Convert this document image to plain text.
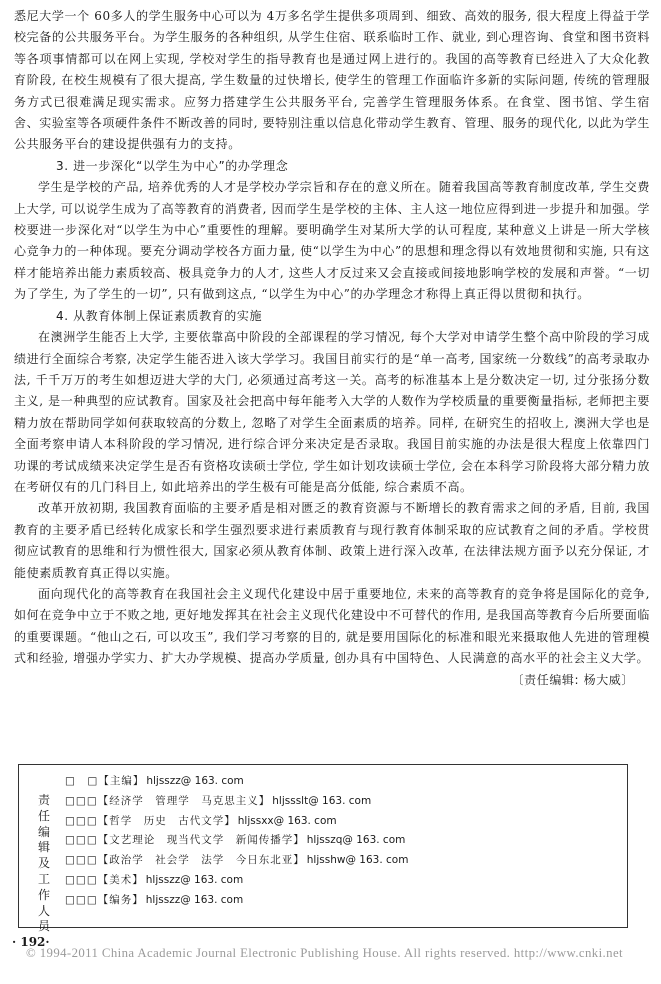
悉尼大学一个 60多人的学生服务中心可以为 4万多名学生提供多项周到、细致、高效的服务, 很大程度上得益于学校完备的公共服务平台。为学生服务的各种组织, 从学生住宿、联系临时工作、就业, 到心理咨询、食堂和图书资料等各项事情都可以在网上实现, 学校对学生的指导教育也是通过网上进行的。我国的高等教育已经进入了大众化教育阶段, 在校生规模有了很大提高, 学生数量的过快增长, 使学生的管理工作面临许多新的实际问题, 传统的管理服务方式已很难满足现实需求。应努力搭建学生公共服务平台, 完善学生管理服务体系。在食堂、图书馆、学生宿舍、实验室等各项硬件条件不断改善的同时, 要特别注重以信息化带动学生教育、管理、服务的现代化, 以此为学生公共服务平台的建设提供强有力的支持。

3. 进一步深化“以学生为中心”的办学理念

学生是学校的产品, 培养优秀的人才是学校办学宗旨和存在的意义所在。随着我国高等教育制度改革, 学生交费上大学, 可以说学生成为了高等教育的消费者, 因而学生是学校的主体、主人这一地位应得到进一步提升和加强。学校要进一步深化对“以学生为中心”重要性的理解。要明确学生对某所大学的认可程度, 某种意义上讲是一所大学核心竞争力的一种体现。要充分调动学校各方面力量, 使“以学生为中心”的思想和理念得以有效地贯彻和实施, 只有这样才能培养出能力素质较高、极具竞争力的人才, 这些人才反过来又会直接或间接地影响学校的发展和声誉。“一切为了学生, 为了学生的一切”, 只有做到这点, “以学生为中心”的办学理念才称得上真正得以贯彻和执行。

4. 从教育体制上保证素质教育的实施

在澳洲学生能否上大学, 主要依靠高中阶段的全部课程的学习情况, 每个大学对申请学生整个高中阶段的学习成绩进行全面综合考察, 决定学生能否进入该大学学习。我国目前实行的是“单一高考, 国家统一分数线”的高考录取办法, 千千万万的考生如想迈进大学的大门, 必须通过高考这一关。高考的标准基本上是分数决定一切, 过分张扬分数主义, 是一种典型的应试教育。国家及社会把高中每年能考入大学的人数作为学校质量的重要衡量指标, 老师把主要精力放在帮助同学如何获取较高的分数上, 忽略了对学生全面素质的培养。同样, 在研究生的招收上, 澳洲大学也是全面考察申请人本科阶段的学习情况, 进行综合评分来决定是否录取。我国目前实施的办法是很大程度上依靠四门功课的考试成绩来决定学生是否有资格攻读硕士学位, 学生如计划攻读硕士学位, 会在本科学习阶段将大部分精力放在考研仅有的几门科目上, 如此培养出的学生极有可能是高分低能, 综合素质不高。

改革开放初期, 我国教育面临的主要矛盾是相对匮乏的教育资源与不断增长的教育需求之间的矛盾, 目前, 我国教育的主要矛盾已经转化成家长和学生强烈要求进行素质教育与现行教育体制采取的应试教育之间的矛盾。学校贯彻应试教育的思维和行为惯性很大, 国家必须从教育体制、政策上进行深入改革, 在法律法规方面予以充分保证, 才能使素质教育真正得以实施。

面向现代化的高等教育在我国社会主义现代化建设中居于重要地位, 未来的高等教育的竞争将是国际化的竞争, 如何在竞争中立于不败之地, 更好地发挥其在社会主义现代化建设中不可替代的作用, 是我国高等教育今后所要面临的重要课题。“他山之石, 可以攻玉”, 我们学习考察的目的, 就是要用国际化的标准和眼光来摄取他人先进的管理模式和经验, 增强办学实力、扩大办学规模、提高办学质量, 创办具有中国特色、人民满意的高水平的社会主义大学。

〔责任编辑: 杨大威〕
责任编辑及工作人员
□　□【主编】 hljsszz@ 163. com
□□□【经济学　管理学　马克思主义】 hljssslt@ 163. com
□□□【哲学　历史　古代文学】 hljssxx@ 163. com
□□□【文艺理论　现当代文学　新闻传播学】 hljsszq@ 163. com
□□□【政治学　社会学　法学　今日东北亚】 hljsshw@ 163. com
□□□【美术】 hljsszz@ 163. com
□□□【编务】 hljsszz@ 163. com
· 192·
© 1994-2011 China Academic Journal Electronic Publishing House. All rights reserved. http://www.cnki.net
